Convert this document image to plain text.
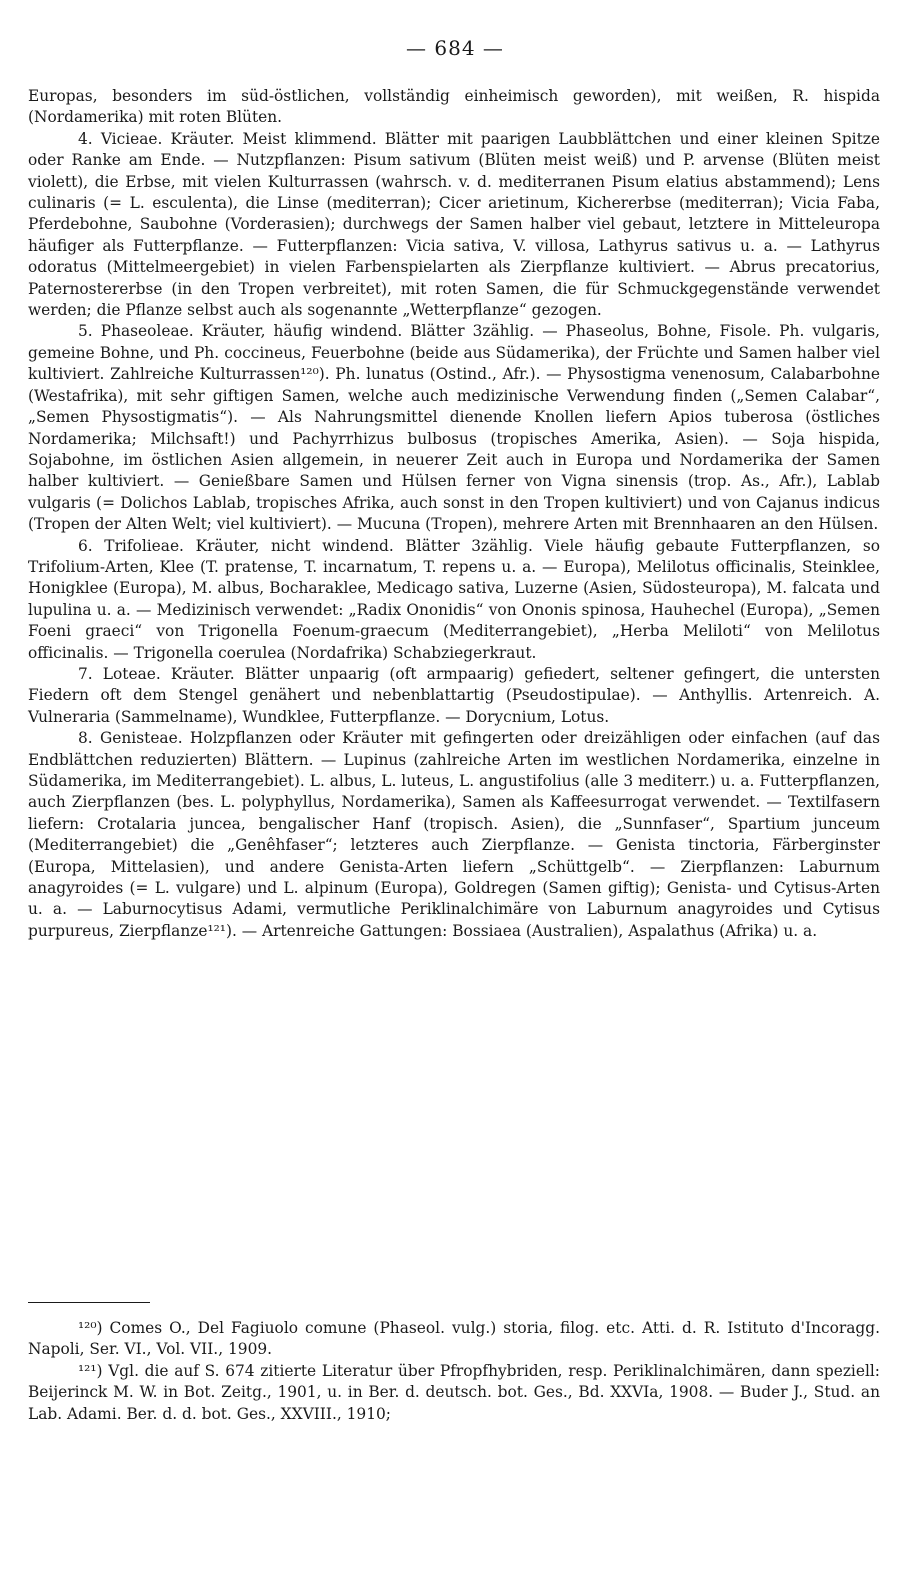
— 684 —

Europas, besonders im süd-östlichen, vollständig einheimisch geworden), mit weißen, R. hispida (Nordamerika) mit roten Blüten.

4. Vicieae. Kräuter. Meist klimmend. Blätter mit paarigen Laubblättchen und einer kleinen Spitze oder Ranke am Ende. — Nutzpflanzen: Pisum sativum (Blüten meist weiß) und P. arvense (Blüten meist violett), die Erbse, mit vielen Kulturrassen (wahrsch. v. d. mediterranen Pisum elatius abstammend); Lens culinaris (= L. esculenta), die Linse (mediterran); Cicer arietinum, Kichererbse (mediterran); Vicia Faba, Pferdebohne, Saubohne (Vorderasien); durchwegs der Samen halber viel gebaut, letztere in Mitteleuropa häufiger als Futterpflanze. — Futterpflanzen: Vicia sativa, V. villosa, Lathyrus sativus u. a. — Lathyrus odoratus (Mittelmeergebiet) in vielen Farbenspielarten als Zierpflanze kultiviert. — Abrus precatorius, Paternostererbse (in den Tropen verbreitet), mit roten Samen, die für Schmuckgegenstände verwendet werden; die Pflanze selbst auch als sogenannte „Wetterpflanze“ gezogen.

5. Phaseoleae. Kräuter, häufig windend. Blätter 3zählig. — Phaseolus, Bohne, Fisole. Ph. vulgaris, gemeine Bohne, und Ph. coccineus, Feuerbohne (beide aus Südamerika), der Früchte und Samen halber viel kultiviert. Zahlreiche Kulturrassen¹²⁰). Ph. lunatus (Ostind., Afr.). — Physostigma venenosum, Calabarbohne (Westafrika), mit sehr giftigen Samen, welche auch medizinische Verwendung finden („Semen Calabar“, „Semen Physostigmatis“). — Als Nahrungsmittel dienende Knollen liefern Apios tuberosa (östliches Nordamerika; Milchsaft!) und Pachyrrhizus bulbosus (tropisches Amerika, Asien). — Soja hispida, Sojabohne, im östlichen Asien allgemein, in neuerer Zeit auch in Europa und Nordamerika der Samen halber kultiviert. — Genießbare Samen und Hülsen ferner von Vigna sinensis (trop. As., Afr.), Lablab vulgaris (= Dolichos Lablab, tropisches Afrika, auch sonst in den Tropen kultiviert) und von Cajanus indicus (Tropen der Alten Welt; viel kultiviert). — Mucuna (Tropen), mehrere Arten mit Brennhaaren an den Hülsen.

6. Trifolieae. Kräuter, nicht windend. Blätter 3zählig. Viele häufig gebaute Futterpflanzen, so Trifolium-Arten, Klee (T. pratense, T. incarnatum, T. repens u. a. — Europa), Melilotus officinalis, Steinklee, Honigklee (Europa), M. albus, Bocharaklee, Medicago sativa, Luzerne (Asien, Südosteuropa), M. falcata und lupulina u. a. — Medizinisch verwendet: „Radix Ononidis“ von Ononis spinosa, Hauhechel (Europa), „Semen Foeni graeci“ von Trigonella Foenum-graecum (Mediterrangebiet), „Herba Meliloti“ von Melilotus officinalis. — Trigonella coerulea (Nordafrika) Schabziegerkraut.

7. Loteae. Kräuter. Blätter unpaarig (oft armpaarig) gefiedert, seltener gefingert, die untersten Fiedern oft dem Stengel genähert und nebenblattartig (Pseudostipulae). — Anthyllis. Artenreich. A. Vulneraria (Sammelname), Wundklee, Futterpflanze. — Dorycnium, Lotus.

8. Genisteae. Holzpflanzen oder Kräuter mit gefingerten oder dreizähligen oder einfachen (auf das Endblättchen reduzierten) Blättern. — Lupinus (zahlreiche Arten im westlichen Nordamerika, einzelne in Südamerika, im Mediterrangebiet). L. albus, L. luteus, L. angustifolius (alle 3 mediterr.) u. a. Futterpflanzen, auch Zierpflanzen (bes. L. polyphyllus, Nordamerika), Samen als Kaffeesurrogat verwendet. — Textilfasern liefern: Crotalaria juncea, bengalischer Hanf (tropisch. Asien), die „Sunnfaser“, Spartium junceum (Mediterrangebiet) die „Genêhfaser“; letzteres auch Zierpflanze. — Genista tinctoria, Färberginster (Europa, Mittelasien), und andere Genista-Arten liefern „Schüttgelb“. — Zierpflanzen: Laburnum anagyroides (= L. vulgare) und L. alpinum (Europa), Goldregen (Samen giftig); Genista- und Cytisus-Arten u. a. — Laburnocytisus Adami, vermutliche Periklinalchimäre von Laburnum anagyroides und Cytisus purpureus, Zierpflanze¹²¹). — Artenreiche Gattungen: Bossiaea (Australien), Aspalathus (Afrika) u. a.

¹²⁰) Comes O., Del Fagiuolo comune (Phaseol. vulg.) storia, filog. etc. Atti. d. R. Istituto d'Incoragg. Napoli, Ser. VI., Vol. VII., 1909.

¹²¹) Vgl. die auf S. 674 zitierte Literatur über Pfropfhybriden, resp. Periklinalchimären, dann speziell: Beijerinck M. W. in Bot. Zeitg., 1901, u. in Ber. d. deutsch. bot. Ges., Bd. XXVIa, 1908. — Buder J., Stud. an Lab. Adami. Ber. d. d. bot. Ges., XXVIII., 1910;
